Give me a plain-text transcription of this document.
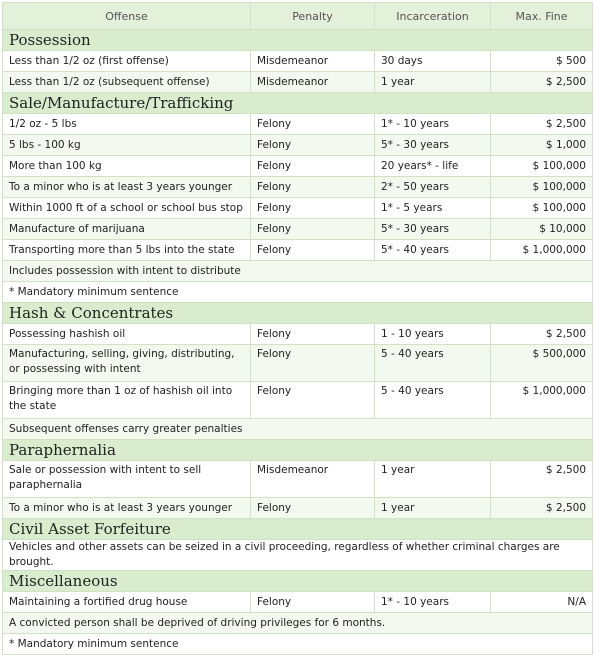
Offense	Penalty	Incarceration	Max. Fine
Possession			
Less than 1/2 oz (first offense)	Misdemeanor	30 days	$ 500
Less than 1/2 oz (subsequent offense)	Misdemeanor	1 year	$ 2,500
Sale/Manufacture/Trafficking			
1/2 oz - 5 lbs	Felony	1* - 10 years	$ 2,500
5 lbs - 100 kg	Felony	5* - 30 years	$ 1,000
More than 100 kg	Felony	20 years* - life	$ 100,000
To a minor who is at least 3 years younger	Felony	2* - 50 years	$ 100,000
Within 1000 ft of a school or school bus stop	Felony	1* - 5 years	$ 100,000
Manufacture of marijuana	Felony	5* - 30 years	$ 10,000
Transporting more than 5 lbs into the state	Felony	5* - 40 years	$ 1,000,000
Includes possession with intent to distribute			
* Mandatory minimum sentence			
Hash & Concentrates			
Possessing hashish oil	Felony	1 - 10 years	$ 2,500
Manufacturing, selling, giving, distributing, or possessing with intent	Felony	5 - 40 years	$ 500,000
Bringing more than 1 oz of hashish oil into the state	Felony	5 - 40 years	$ 1,000,000
Subsequent offenses carry greater penalties			
Paraphernalia			
Sale or possession with intent to sell paraphernalia	Misdemeanor	1 year	$ 2,500
To a minor who is at least 3 years younger	Felony	1 year	$ 2,500
Civil Asset Forfeiture			
Vehicles and other assets can be seized in a civil proceeding, regardless of whether criminal charges are brought.			
Miscellaneous			
Maintaining a fortified drug house	Felony	1* - 10 years	N/A
A convicted person shall be deprived of driving privileges for 6 months.			
* Mandatory minimum sentence			
